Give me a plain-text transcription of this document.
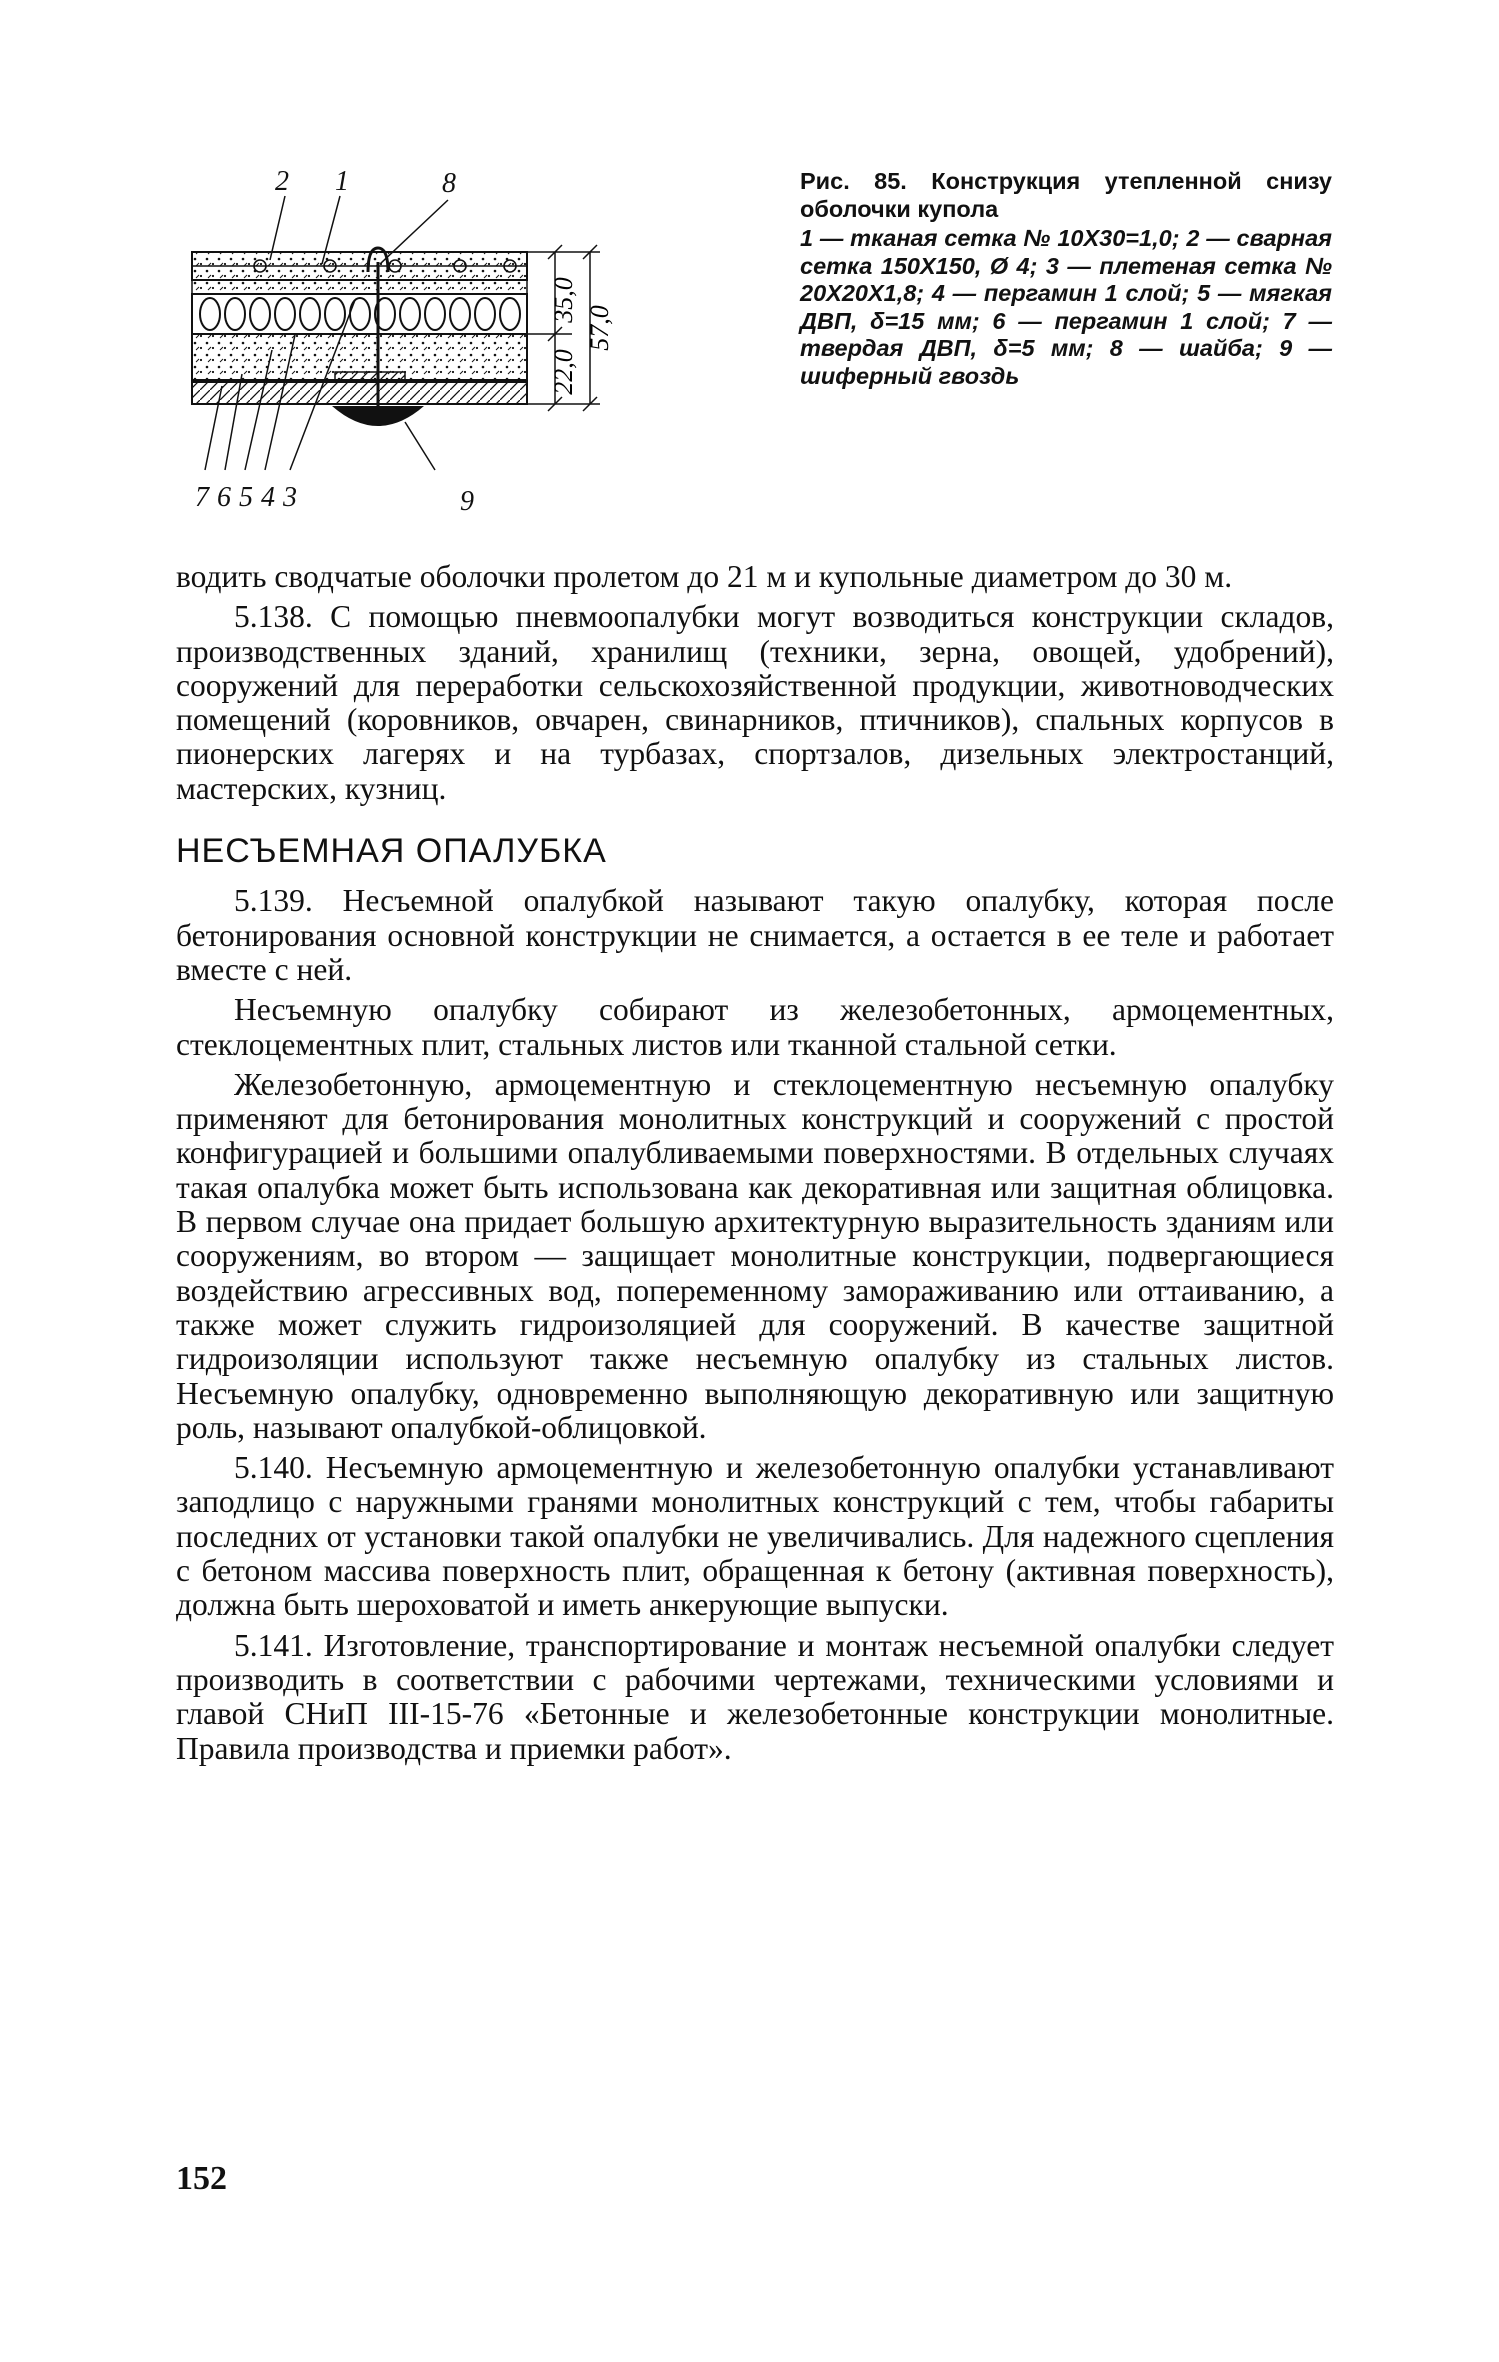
35,0
22,0
57,0
2 1	8
7 6 5 4 3	9

Рис. 85. Конструкция утепленной снизу оболочки купола

1 — тканая сетка № 10Х30=1,0; 2 — сварная сетка 150Х150, Ø 4; 3 — плетеная сетка № 20Х20Х1,8; 4 — пергамин 1 слой; 5 — мягкая ДВП, δ=15 мм; 6 — пергамин 1 слой; 7 — твердая ДВП, δ=5 мм; 8 — шайба; 9 — шиферный гвоздь

водить сводчатые оболочки пролетом до 21 м и купольные диаметром до 30 м.

5.138. С помощью пневмоопалубки могут возводиться конструкции складов, производственных зданий, хранилищ (техники, зерна, овощей, удобрений), сооружений для переработки сельскохозяйственной продукции, животноводческих помещений (коровников, овчарен, свинарников, птичников), спальных корпусов в пионерских лагерях и на турбазах, спортзалов, дизельных электростанций, мастерских, кузниц.

НЕСЪЕМНАЯ ОПАЛУБКА

5.139. Несъемной опалубкой называют такую опалубку, которая после бетонирования основной конструкции не снимается, а остается в ее теле и работает вместе с ней.

Несъемную опалубку собирают из железобетонных, армоцементных, стеклоцементных плит, стальных листов или тканной стальной сетки.

Железобетонную, армоцементную и стеклоцементную несъемную опалубку применяют для бетонирования монолитных конструкций и сооружений с простой конфигурацией и большими опалубливаемыми поверхностями. В отдельных случаях такая опалубка может быть использована как декоративная или защитная облицовка. В первом случае она придает большую архитектурную выразительность зданиям или сооружениям, во втором — защищает монолитные конструкции, подвергающиеся воздействию агрессивных вод, попеременному замораживанию или оттаиванию, а также может служить гидроизоляцией для сооружений. В качестве защитной гидроизоляции используют также несъемную опалубку из стальных листов. Несъемную опалубку, одновременно выполняющую декоративную или защитную роль, называют опалубкой-облицовкой.

5.140. Несъемную армоцементную и железобетонную опалубки устанавливают заподлицо с наружными гранями монолитных конструкций с тем, чтобы габариты последних от установки такой опалубки не увеличивались. Для надежного сцепления с бетоном массива поверхность плит, обращенная к бетону (активная поверхность), должна быть шероховатой и иметь анкерующие выпуски.

5.141. Изготовление, транспортирование и монтаж несъемной опалубки следует производить в соответствии с рабочими чертежами, техническими условиями и главой СНиП III-15-76 «Бетонные и железобетонные конструкции монолитные. Правила производства и приемки работ».

152
